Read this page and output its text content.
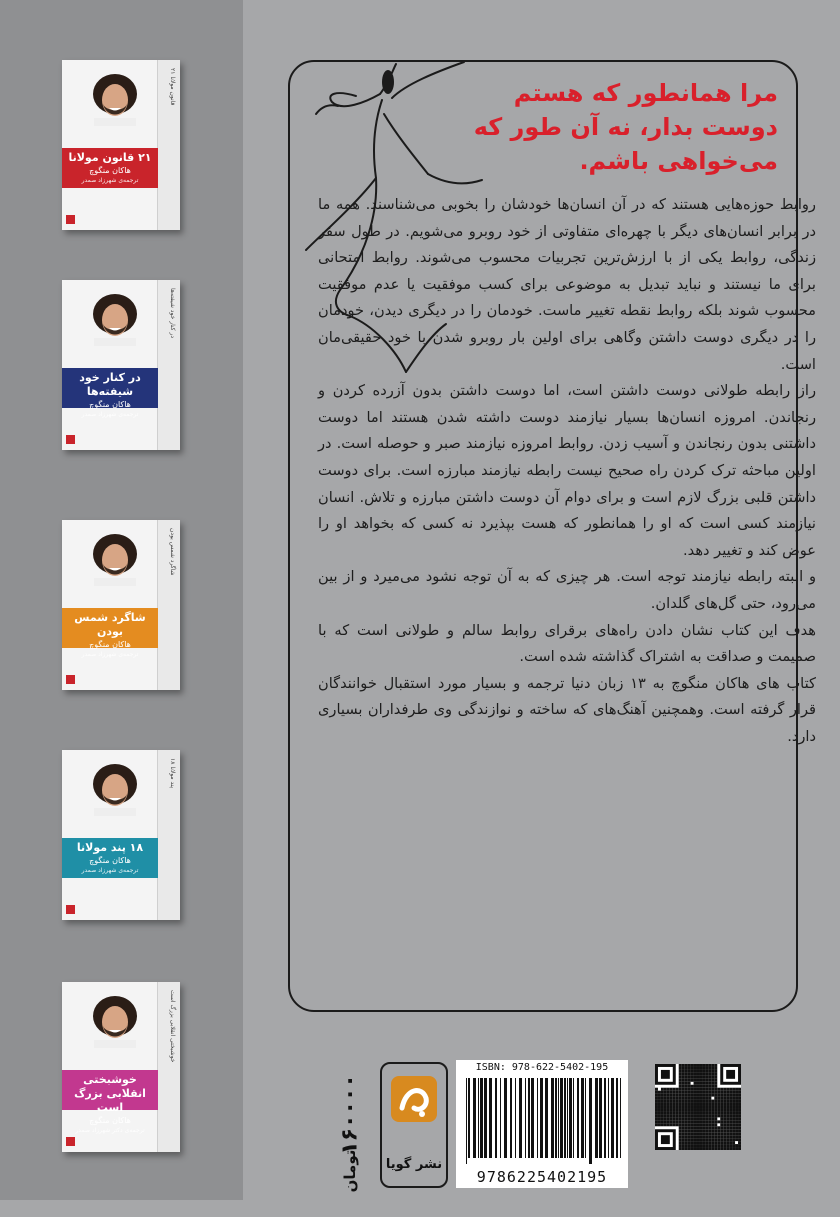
۲۱ قانون مولانا
۲۱ قانون مولانا
هاکان منگوچ
ترجمه‌ی شهرزاد صمدر
در کنار خود شیفته‌ها
در کنار خود شیفته‌ها
هاکان منگوچ
ترجمه‌ی شهرزاد صمدر
شاگرد شمس بودن
شاگرد شمس بودن
هاکان منگوچ
ترجمه‌ی شهرزاد صمدر
۱۸ پند مولانا
۱۸ پند مولانا
هاکان منگوچ
ترجمه‌ی شهرزاد صمدر
خوشبختی انقلابی بزرگ است
خوشبختی انقلابی بزرگ است
هاکان منگوچ
ترجمه‌ی دکتر شهرزاد صمدر
مرا همانطور که هستم دوست بدار، نه آن طور که می‌خواهی باشم.

روابط حوزه‌هایی هستند که در آن انسان‌ها خودشان را بخوبی می‌شناسند. همه ما در برابر انسان‌های دیگر با چهره‌ای متفاوتی از خود روبرو می‌شویم. در طول سفر زندگی، روابط یکی از با ارزش‌ترین تجربیات محسوب می‌شوند. روابط امتحانی برای ما نیستند و نباید تبدیل به موضوعی برای کسب موفقیت یا عدم موفقیت محسوب شوند بلکه روابط نقطه تغییر ماست. خودمان را در دیگری دیدن، خودمان را در دیگری دوست داشتن وگاهی برای اولین بار روبرو شدن با خود حقیقی‌مان است.

راز رابطه طولانی دوست داشتن است، اما دوست داشتن بدون آزرده کردن و رنجاندن. امروزه انسان‌ها بسیار نیازمند دوست داشته شدن هستند اما دوست داشتنی بدون رنجاندن و آسیب زدن. روابط امروزه نیازمند صبر و حوصله است. در اولین مباحثه ترک کردن راه صحیح نیست رابطه نیازمند مبارزه است. برای دوست داشتن قلبی بزرگ لازم است و برای دوام آن دوست داشتن مبارزه و تلاش. انسان نیازمند کسی است که او را همانطور که هست بپذیرد نه کسی که بخواهد او را عوض کند و تغییر دهد.

و البته رابطه نیازمند توجه است. هر چیزی که به آن توجه نشود می‌میرد و از بین می‌رود، حتی گل‌های گلدان.

هدف این کتاب نشان دادن راه‌های برقرای روابط سالم و طولانی است که با صمیمت و صداقت به اشتراک گذاشته شده است.

کتاب های هاکان منگوچ به ۱۳ زبان دنیا ترجمه و بسیار مورد استقبال خوانندگان قرار گرفته است. وهمچنین آهنگ‌های که ساخته و نوازندگی وی طرفداران بسیاری دارد.

۱۶۰۰۰۰
تومان نشر گویا
ISBN: 978-622-5402-195
9786225402195
